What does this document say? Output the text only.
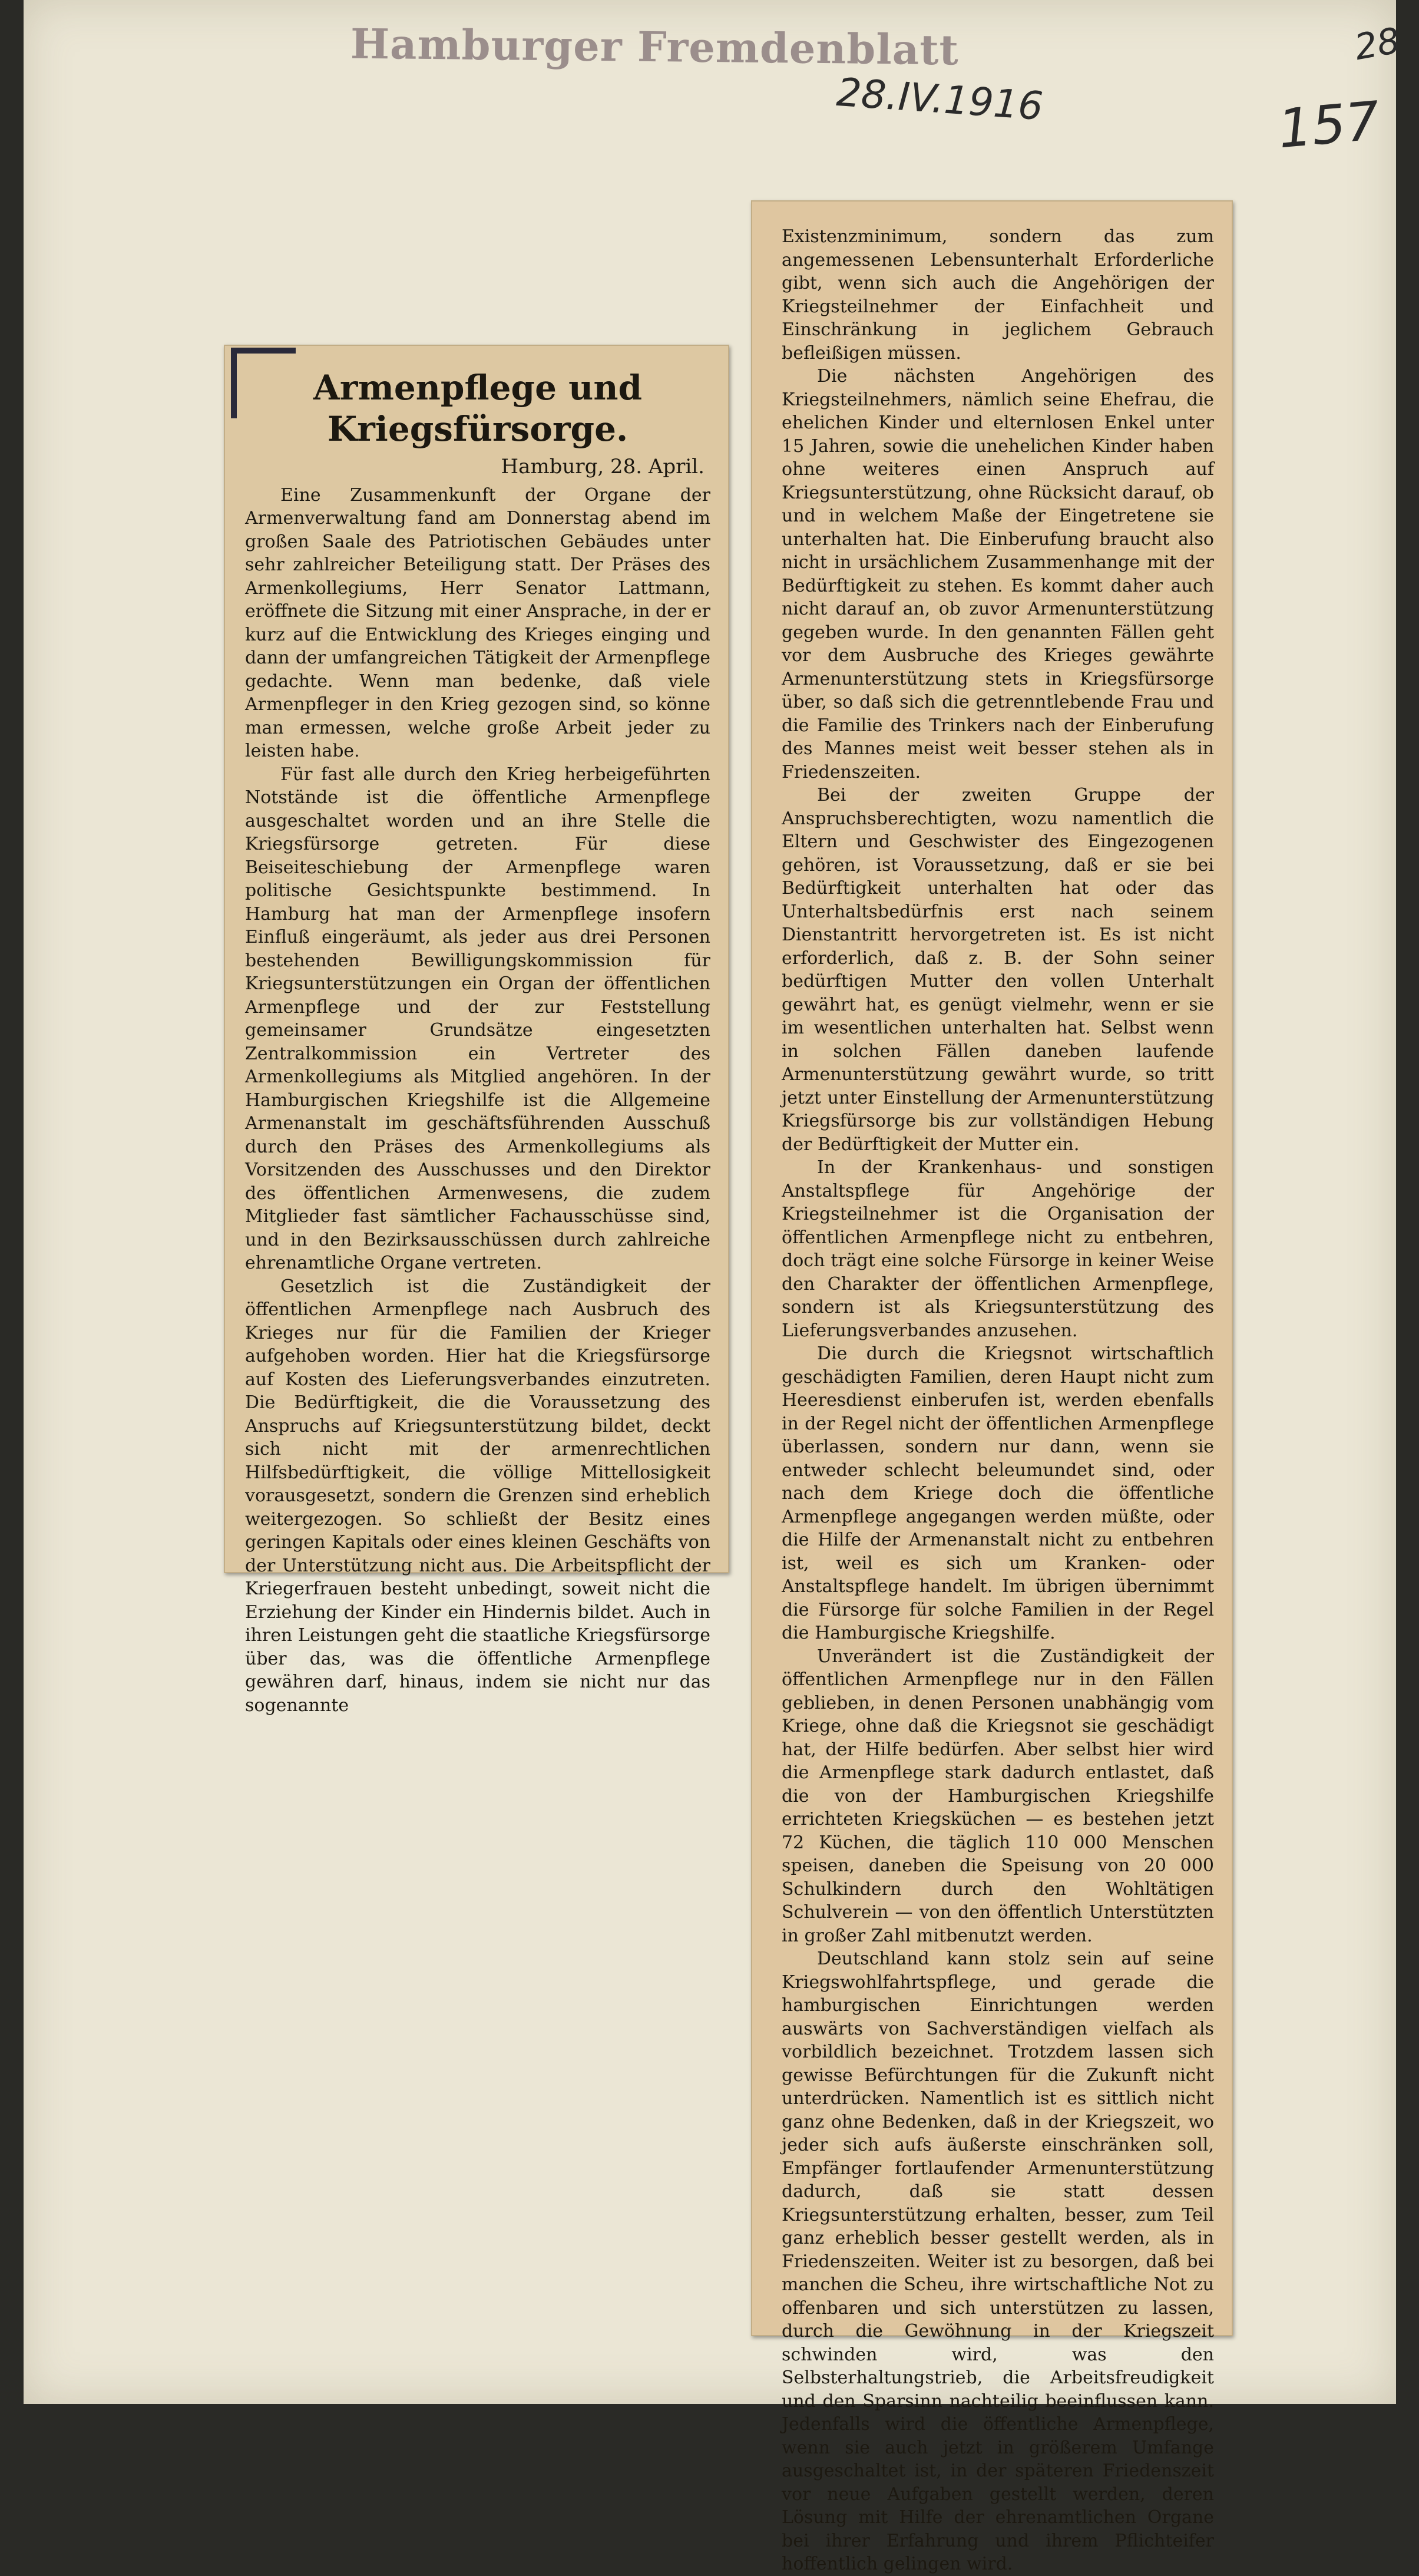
Hamburger Fremdenblatt
28.IV.1916	157
28
Armenpflege und Kriegsfürsorge.
Hamburg, 28. April.

Eine Zusammenkunft der Organe der Armenverwaltung fand am Donnerstag abend im großen Saale des Patriotischen Gebäudes unter sehr zahlreicher Beteiligung statt. Der Präses des Armenkollegiums, Herr Senator Lattmann, eröffnete die Sitzung mit einer Ansprache, in der er kurz auf die Entwicklung des Krieges einging und dann der umfangreichen Tätigkeit der Armenpflege gedachte. Wenn man bedenke, daß viele Armenpfleger in den Krieg gezogen sind, so könne man ermessen, welche große Arbeit jeder zu leisten habe.

Für fast alle durch den Krieg herbeigeführten Notstände ist die öffentliche Armenpflege ausgeschaltet worden und an ihre Stelle die Kriegsfürsorge getreten. Für diese Beiseiteschiebung der Armenpflege waren politische Gesichtspunkte bestimmend. In Hamburg hat man der Armenpflege insofern Einfluß eingeräumt, als jeder aus drei Personen bestehenden Bewilligungskommission für Kriegsunterstützungen ein Organ der öffentlichen Armenpflege und der zur Feststellung gemeinsamer Grundsätze eingesetzten Zentralkommission ein Vertreter des Armenkollegiums als Mitglied angehören. In der Hamburgischen Kriegshilfe ist die Allgemeine Armenanstalt im geschäftsführenden Ausschuß durch den Präses des Armenkollegiums als Vorsitzenden des Ausschusses und den Direktor des öffentlichen Armenwesens, die zudem Mitglieder fast sämtlicher Fachausschüsse sind, und in den Bezirksausschüssen durch zahlreiche ehrenamtliche Organe vertreten.

Gesetzlich ist die Zuständigkeit der öffentlichen Armenpflege nach Ausbruch des Krieges nur für die Familien der Krieger aufgehoben worden. Hier hat die Kriegsfürsorge auf Kosten des Lieferungsverbandes einzutreten. Die Bedürftigkeit, die die Voraussetzung des Anspruchs auf Kriegsunterstützung bildet, deckt sich nicht mit der armenrechtlichen Hilfsbedürftigkeit, die völlige Mittellosigkeit vorausgesetzt, sondern die Grenzen sind erheblich weitergezogen. So schließt der Besitz eines geringen Kapitals oder eines kleinen Geschäfts von der Unterstützung nicht aus. Die Arbeitspflicht der Kriegerfrauen besteht unbedingt, soweit nicht die Erziehung der Kinder ein Hindernis bildet. Auch in ihren Leistungen geht die staatliche Kriegsfürsorge über das, was die öffentliche Armenpflege gewähren darf, hinaus, indem sie nicht nur das sogenannte

Existenzminimum, sondern das zum angemessenen Lebensunterhalt Erforderliche gibt, wenn sich auch die Angehörigen der Kriegsteilnehmer der Einfachheit und Einschränkung in jeglichem Gebrauch befleißigen müssen.

Die nächsten Angehörigen des Kriegsteilnehmers, nämlich seine Ehefrau, die ehelichen Kinder und elternlosen Enkel unter 15 Jahren, sowie die unehelichen Kinder haben ohne weiteres einen Anspruch auf Kriegsunterstützung, ohne Rücksicht darauf, ob und in welchem Maße der Eingetretene sie unterhalten hat. Die Einberufung braucht also nicht in ursächlichem Zusammenhange mit der Bedürftigkeit zu stehen. Es kommt daher auch nicht darauf an, ob zuvor Armenunterstützung gegeben wurde. In den genannten Fällen geht vor dem Ausbruche des Krieges gewährte Armenunterstützung stets in Kriegsfürsorge über, so daß sich die getrenntlebende Frau und die Familie des Trinkers nach der Einberufung des Mannes meist weit besser stehen als in Friedenszeiten.

Bei der zweiten Gruppe der Anspruchsberechtigten, wozu namentlich die Eltern und Geschwister des Eingezogenen gehören, ist Voraussetzung, daß er sie bei Bedürftigkeit unterhalten hat oder das Unterhaltsbedürfnis erst nach seinem Dienstantritt hervorgetreten ist. Es ist nicht erforderlich, daß z. B. der Sohn seiner bedürftigen Mutter den vollen Unterhalt gewährt hat, es genügt vielmehr, wenn er sie im wesentlichen unterhalten hat. Selbst wenn in solchen Fällen daneben laufende Armenunterstützung gewährt wurde, so tritt jetzt unter Einstellung der Armenunterstützung Kriegsfürsorge bis zur vollständigen Hebung der Bedürftigkeit der Mutter ein.

In der Krankenhaus- und sonstigen Anstaltspflege für Angehörige der Kriegsteilnehmer ist die Organisation der öffentlichen Armenpflege nicht zu entbehren, doch trägt eine solche Fürsorge in keiner Weise den Charakter der öffentlichen Armenpflege, sondern ist als Kriegsunterstützung des Lieferungsverbandes anzusehen.

Die durch die Kriegsnot wirtschaftlich geschädigten Familien, deren Haupt nicht zum Heeresdienst einberufen ist, werden ebenfalls in der Regel nicht der öffentlichen Armenpflege überlassen, sondern nur dann, wenn sie entweder schlecht beleumundet sind, oder nach dem Kriege doch die öffentliche Armenpflege angegangen werden müßte, oder die Hilfe der Armenanstalt nicht zu entbehren ist, weil es sich um Kranken- oder Anstaltspflege handelt. Im übrigen übernimmt die Fürsorge für solche Familien in der Regel die Hamburgische Kriegshilfe.

Unverändert ist die Zuständigkeit der öffentlichen Armenpflege nur in den Fällen geblieben, in denen Personen unabhängig vom Kriege, ohne daß die Kriegsnot sie geschädigt hat, der Hilfe bedürfen. Aber selbst hier wird die Armenpflege stark dadurch entlastet, daß die von der Hamburgischen Kriegshilfe errichteten Kriegsküchen — es bestehen jetzt 72 Küchen, die täglich 110 000 Menschen speisen, daneben die Speisung von 20 000 Schulkindern durch den Wohltätigen Schulverein — von den öffentlich Unterstützten in großer Zahl mitbenutzt werden.

Deutschland kann stolz sein auf seine Kriegswohlfahrtspflege, und gerade die hamburgischen Einrichtungen werden auswärts von Sachverständigen vielfach als vorbildlich bezeichnet. Trotzdem lassen sich gewisse Befürchtungen für die Zukunft nicht unterdrücken. Namentlich ist es sittlich nicht ganz ohne Bedenken, daß in der Kriegszeit, wo jeder sich aufs äußerste einschränken soll, Empfänger fortlaufender Armenunterstützung dadurch, daß sie statt dessen Kriegsunterstützung erhalten, besser, zum Teil ganz erheblich besser gestellt werden, als in Friedenszeiten. Weiter ist zu besorgen, daß bei manchen die Scheu, ihre wirtschaftliche Not zu offenbaren und sich unterstützen zu lassen, durch die Gewöhnung in der Kriegszeit schwinden wird, was den Selbsterhaltungstrieb, die Arbeitsfreudigkeit und den Sparsinn nachteilig beeinflussen kann. Jedenfalls wird die öffentliche Armenpflege, wenn sie auch jetzt in größerem Umfange ausgeschaltet ist, in der späteren Friedenszeit vor neue Aufgaben gestellt werden, deren Lösung mit Hilfe der ehrenamtlichen Organe bei ihrer Erfahrung und ihrem Pflichteifer hoffentlich gelingen wird.
